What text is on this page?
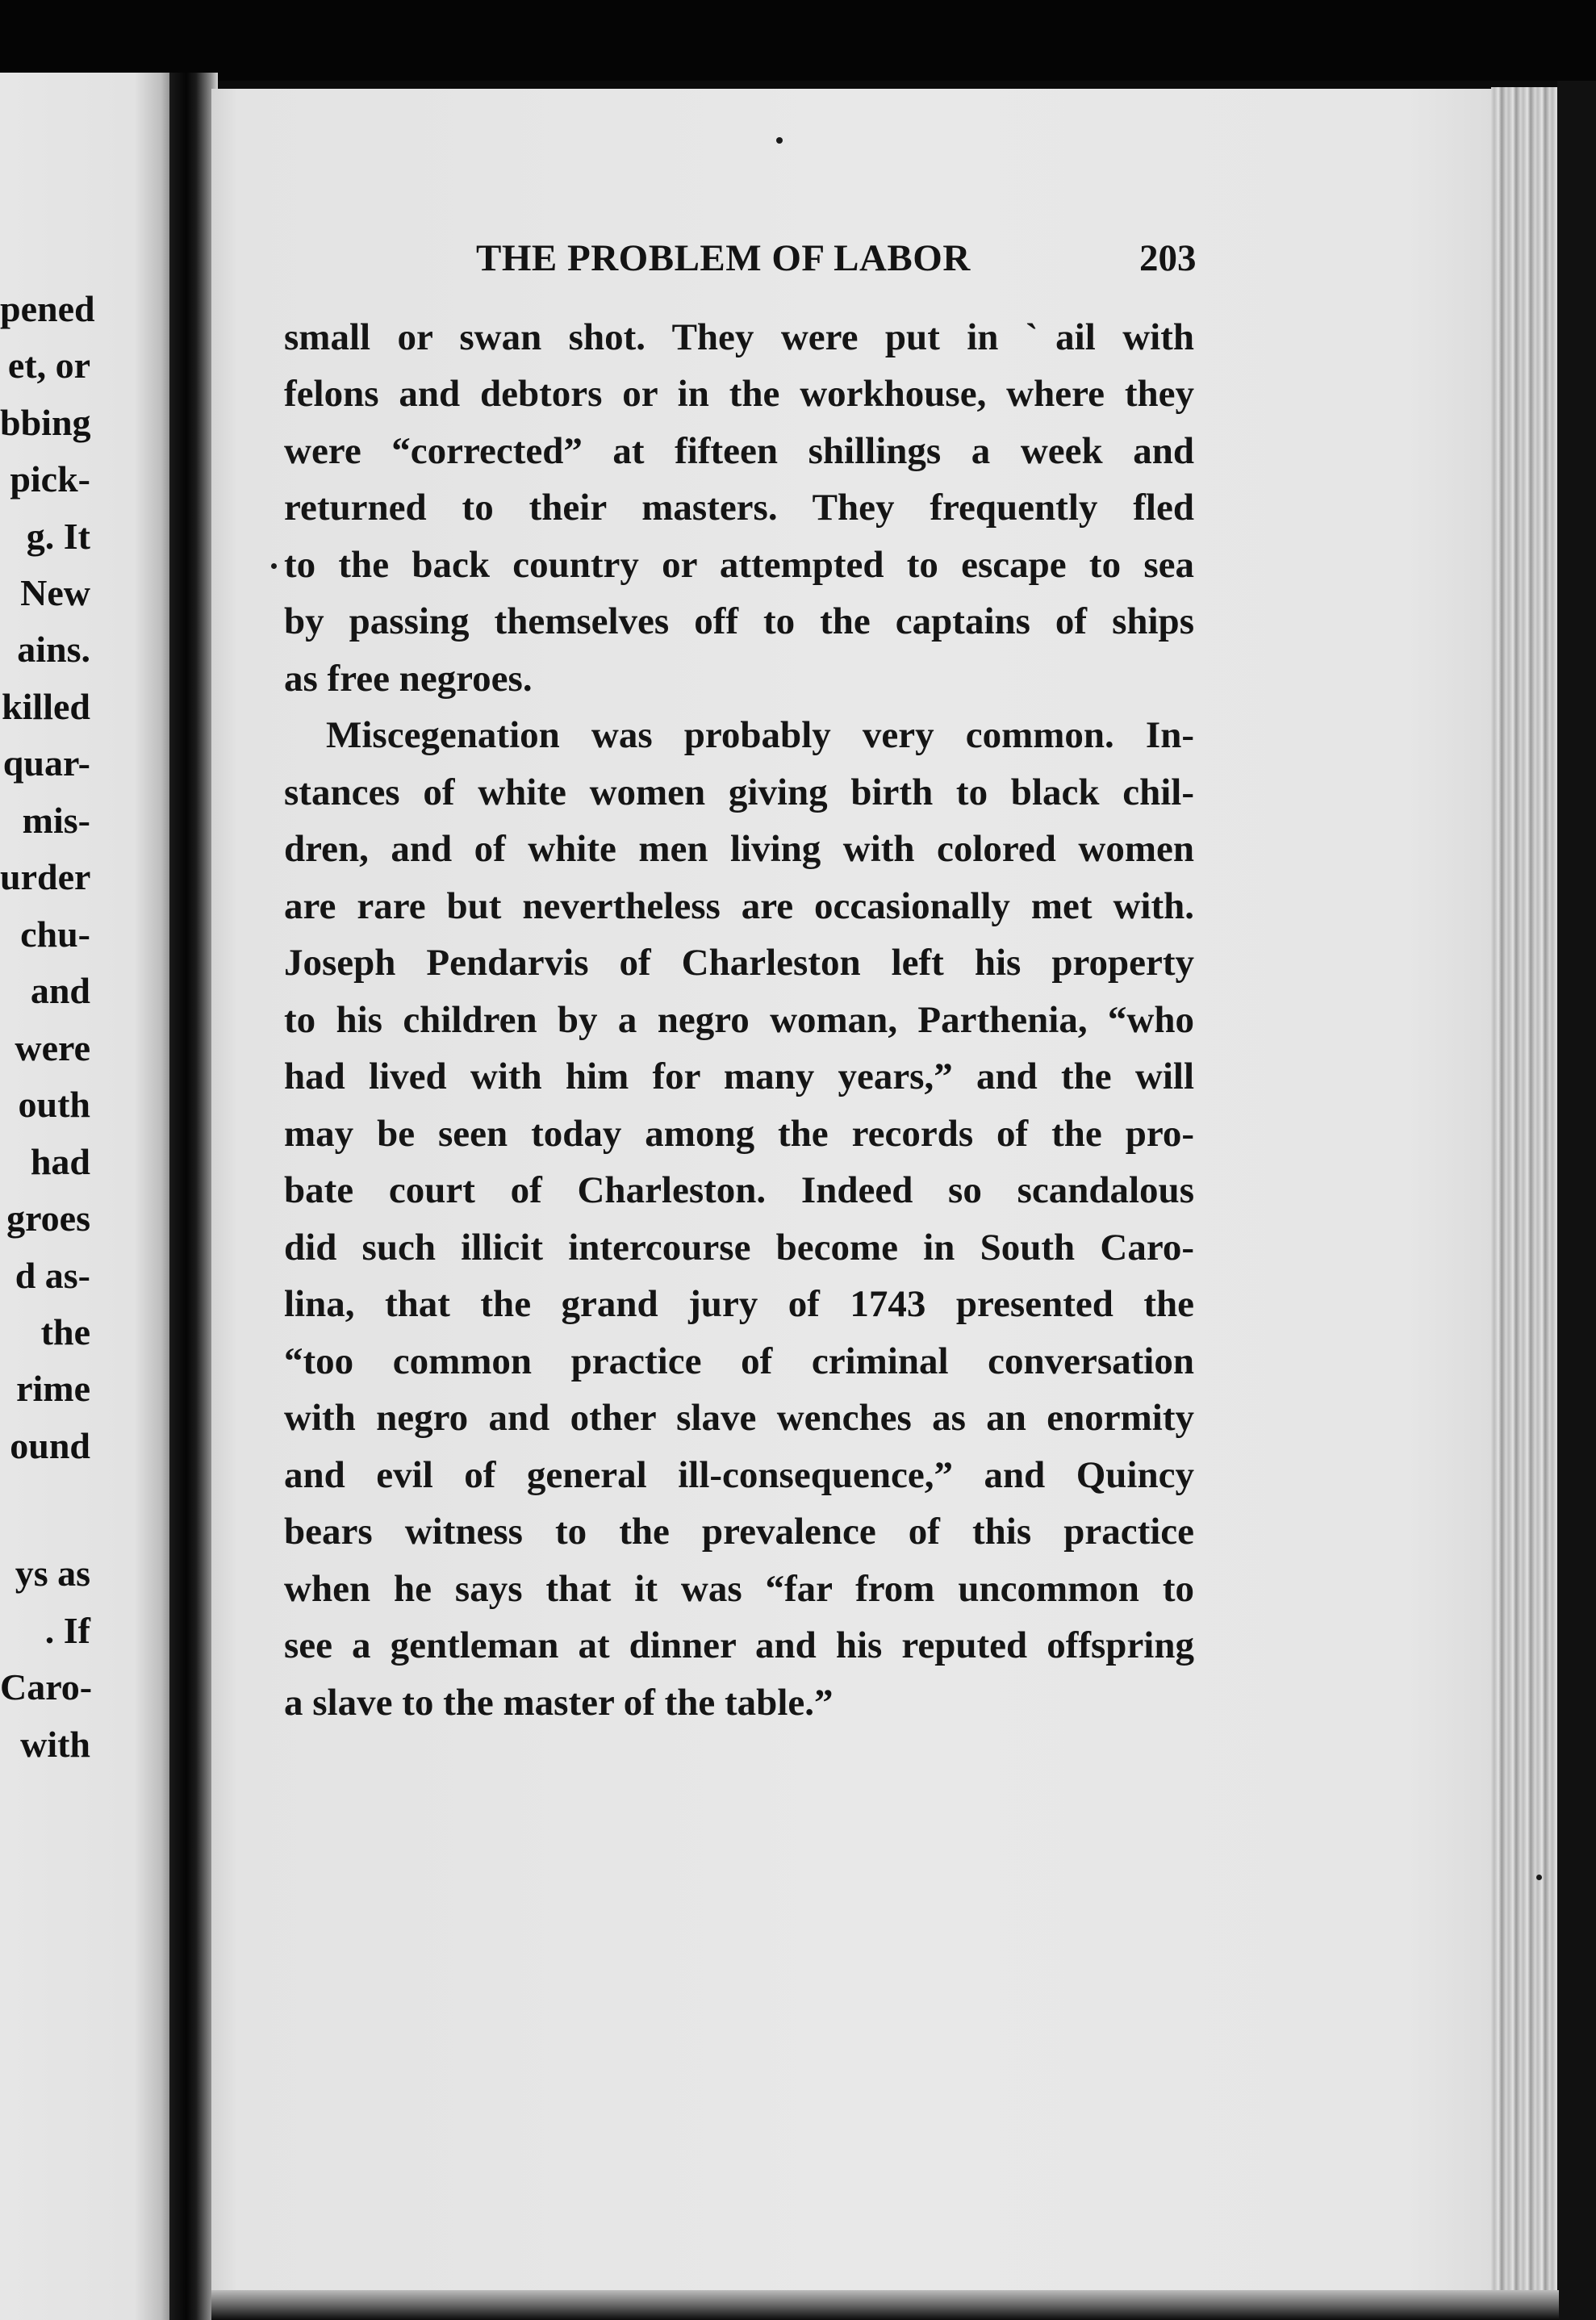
pened
et, or
bbing
pick-
g. It
New
ains.
killed
quar-
mis-
urder
chu-
and
were
outh
had
groes
d as-
the
rime
ound
ys as
. If
Caro-
with
THE PROBLEM OF LABOR	203
small or swan shot. They were put in ˋail with
felons and debtors or in the workhouse, where they
were “corrected” at fifteen shillings a week and
returned to their masters. They frequently fled
to the back country or attempted to escape to sea
by passing themselves off to the captains of ships
as free negroes.
Miscegenation was probably very common. In-
stances of white women giving birth to black chil-
dren, and of white men living with colored women
are rare but nevertheless are occasionally met with.
Joseph Pendarvis of Charleston left his property
to his children by a negro woman, Parthenia, “who
had lived with him for many years,” and the will
may be seen today among the records of the pro-
bate court of Charleston. Indeed so scandalous
did such illicit intercourse become in South Caro-
lina, that the grand jury of 1743 presented the
“too common practice of criminal conversation
with negro and other slave wenches as an enormity
and evil of general ill-consequence,” and Quincy
bears witness to the prevalence of this practice
when he says that it was “far from uncommon to
see a gentleman at dinner and his reputed offspring
a slave to the master of the table.”
